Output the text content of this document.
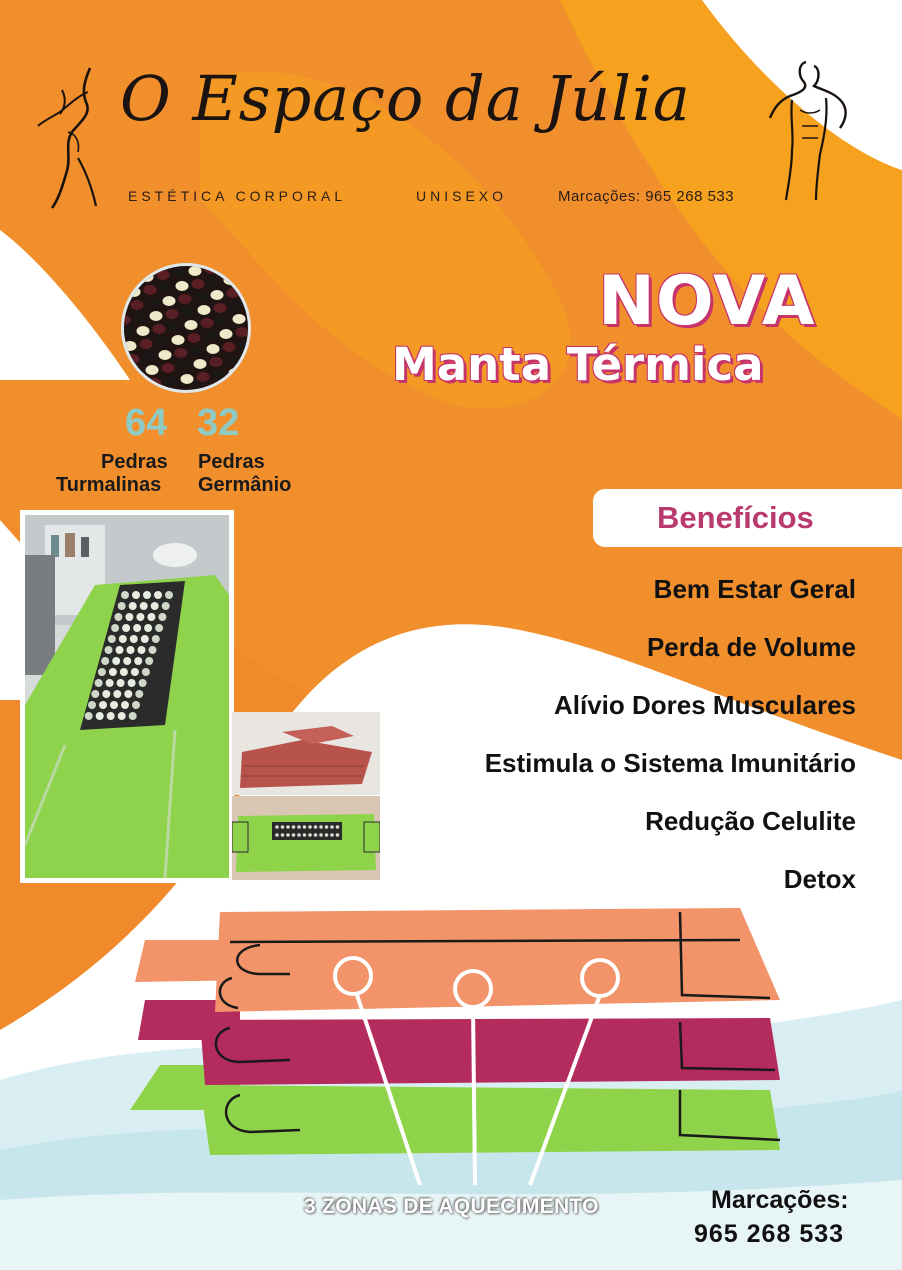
O Espaço da Júlia
ESTÉTICA CORPORAL	UNISEXO	Marcações: 965 268 533
NOVA
Manta Térmica
64 32
Pedras
Turmalinas
Pedras
Germânio
Benefícios
Bem Estar Geral
Perda de Volume
Alívio Dores Musculares
Estimula o Sistema Imunitário
Redução Celulite
Detox
3 ZONAS DE AQUECIMENTO	Marcações:
965 268 533
